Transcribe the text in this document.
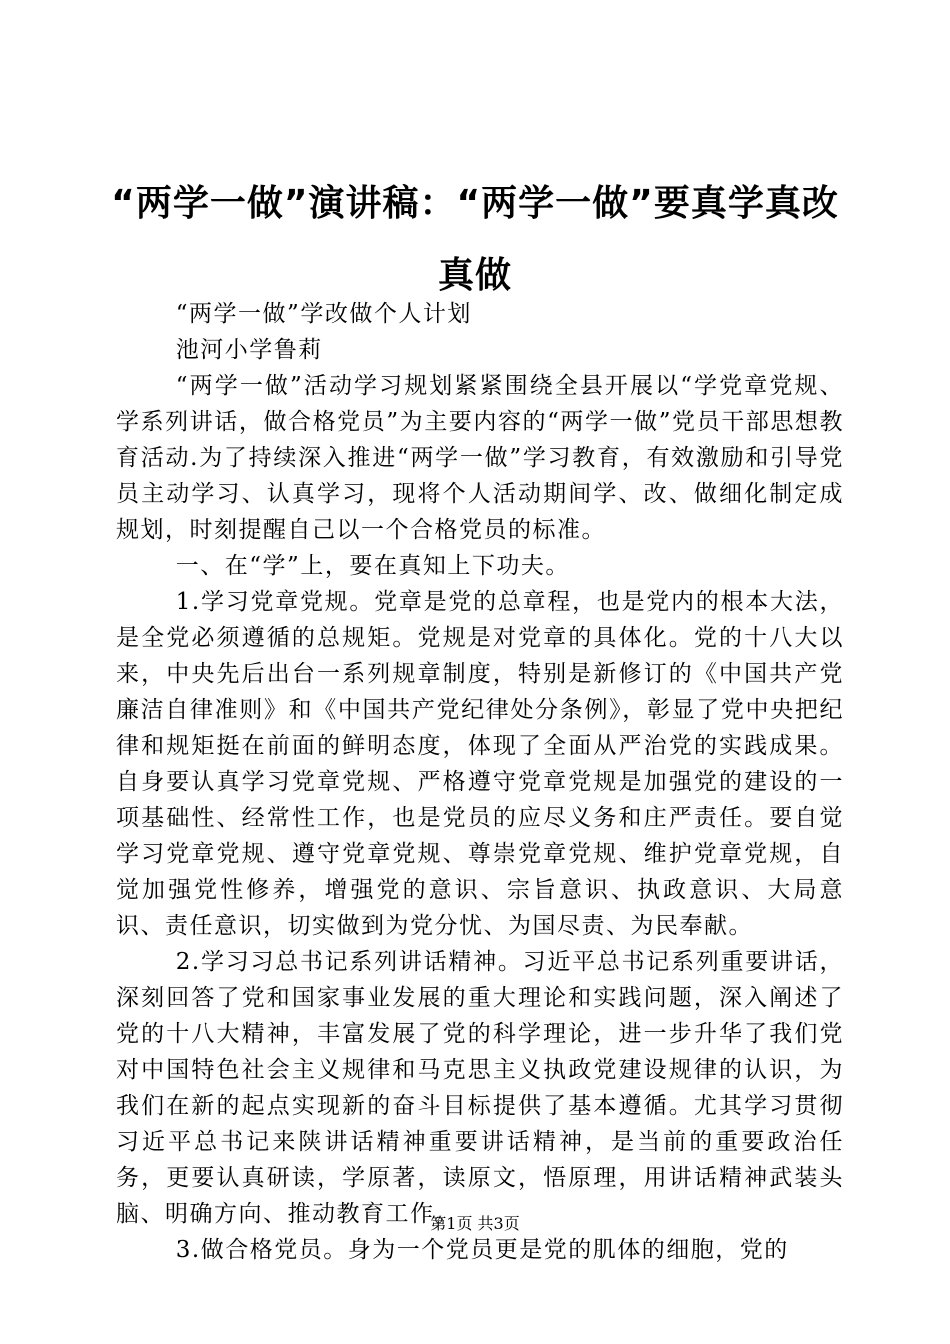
“两学一做”演讲稿：“两学一做”要真学真改真做

“两学一做”学改做个人计划

池河小学鲁莉

“两学一做”活动学习规划紧紧围绕全县开展以“学党章党规、学系列讲话，做合格党员”为主要内容的“两学一做”党员干部思想教育活动.为了持续深入推进“两学一做”学习教育，有效激励和引导党员主动学习、认真学习，现将个人活动期间学、改、做细化制定成规划，时刻提醒自己以一个合格党员的标准。

一、在“学”上，要在真知上下功夫。

1.学习党章党规。党章是党的总章程，也是党内的根本大法，是全党必须遵循的总规矩。党规是对党章的具体化。党的十八大以来，中央先后出台一系列规章制度，特别是新修订的《中国共产党廉洁自律准则》和《中国共产党纪律处分条例》，彰显了党中央把纪律和规矩挺在前面的鲜明态度，体现了全面从严治党的实践成果。自身要认真学习党章党规、严格遵守党章党规是加强党的建设的一项基础性、经常性工作，也是党员的应尽义务和庄严责任。要自觉学习党章党规、遵守党章党规、尊崇党章党规、维护党章党规，自觉加强党性修养，增强党的意识、宗旨意识、执政意识、大局意识、责任意识，切实做到为党分忧、为国尽责、为民奉献。

2.学习习总书记系列讲话精神。习近平总书记系列重要讲话，深刻回答了党和国家事业发展的重大理论和实践问题，深入阐述了党的十八大精神，丰富发展了党的科学理论，进一步升华了我们党对中国特色社会主义规律和马克思主义执政党建设规律的认识，为我们在新的起点实现新的奋斗目标提供了基本遵循。尤其学习贯彻习近平总书记来陕讲话精神重要讲话精神，是当前的重要政治任务，更要认真研读，学原著，读原文，悟原理，用讲话精神武装头脑、明确方向、推动教育工作。

3.做合格党员。身为一个党员更是党的肌体的细胞，党的

第1页 共3页
